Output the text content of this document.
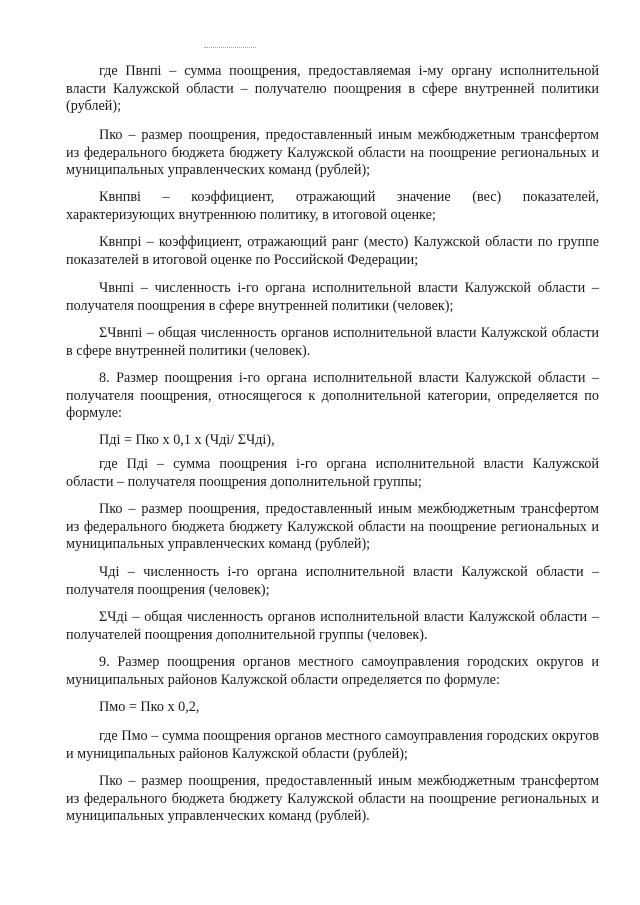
где Пвнпі – сумма поощрения, предоставляемая і-му органу исполнительной власти Калужской области – получателю поощрения в сфере внутренней политики (рублей);

Пко – размер поощрения, предоставленный иным межбюджетным трансфертом из федерального бюджета бюджету Калужской области на поощрение региональных и муниципальных управленческих команд (рублей);

Квнпві – коэффициент, отражающий значение (вес) показателей, характеризующих внутреннюю политику, в итоговой оценке;

Квнпрі – коэффициент, отражающий ранг (место) Калужской области по группе показателей в итоговой оценке по Российской Федерации;

Чвнпі – численность і-го органа исполнительной власти Калужской области – получателя поощрения в сфере внутренней политики (человек);

ΣЧвнпі – общая численность органов исполнительной власти Калужской области в сфере внутренней политики (человек).

8. Размер поощрения і-го органа исполнительной власти Калужской области – получателя поощрения, относящегося к дополнительной категории, определяется по формуле:

Пді = Пко х 0,1 х (Чді/ ΣЧді),

где Пді – сумма поощрения і-го органа исполнительной власти Калужской области – получателя поощрения дополнительной группы;

Пко – размер поощрения, предоставленный иным межбюджетным трансфертом из федерального бюджета бюджету Калужской области на поощрение региональных и муниципальных управленческих команд (рублей);

Чді – численность і-го органа исполнительной власти Калужской области – получателя поощрения (человек);

ΣЧді – общая численность органов исполнительной власти Калужской области – получателей поощрения дополнительной группы (человек).

9. Размер поощрения органов местного самоуправления городских округов и муниципальных районов Калужской области определяется по формуле:

Пмо = Пко х 0,2,

где Пмо – сумма поощрения органов местного самоуправления городских округов и муниципальных районов Калужской области (рублей);

Пко – размер поощрения, предоставленный иным межбюджетным трансфертом из федерального бюджета бюджету Калужской области на поощрение региональных и муниципальных управленческих команд (рублей).
